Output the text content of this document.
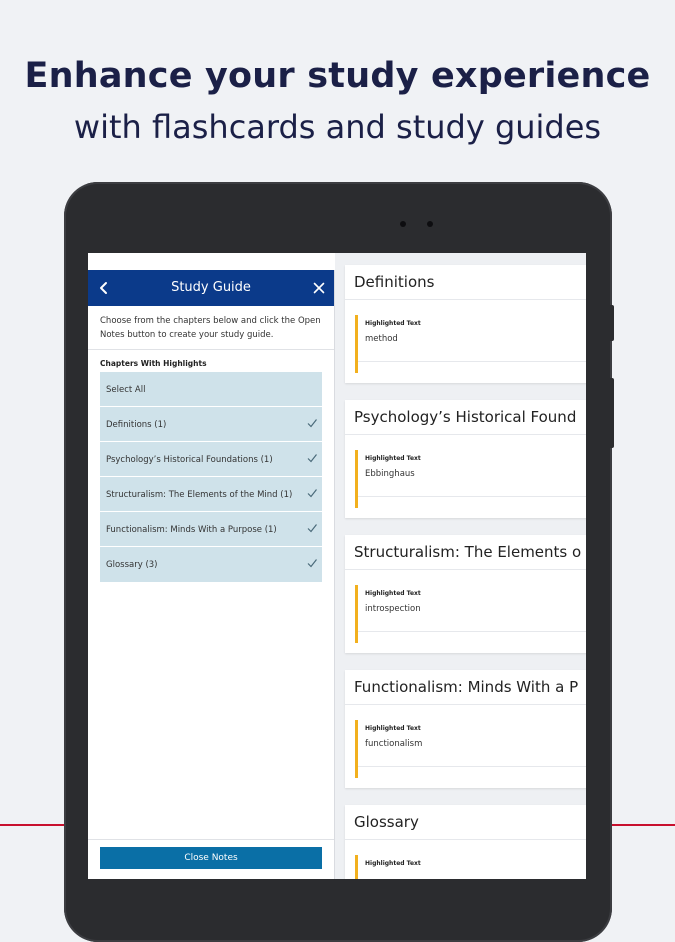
Enhance your study experience
with flashcards and study guides
Definitions
Highlighted Text
method
Psychology’s Historical Found
Highlighted Text
Ebbinghaus
Structuralism: The Elements o
Highlighted Text
introspection
Functionalism: Minds With a P
Highlighted Text
functionalism
Glossary
Highlighted Text
Study Guide
Choose from the chapters below and click the Open Notes button to create your study guide.
Chapters With Highlights
Select All
Definitions (1)
Psychology’s Historical Foundations (1)
Structuralism: The Elements of the Mind (1)
Functionalism: Minds With a Purpose (1)
Glossary (3)
Close Notes
